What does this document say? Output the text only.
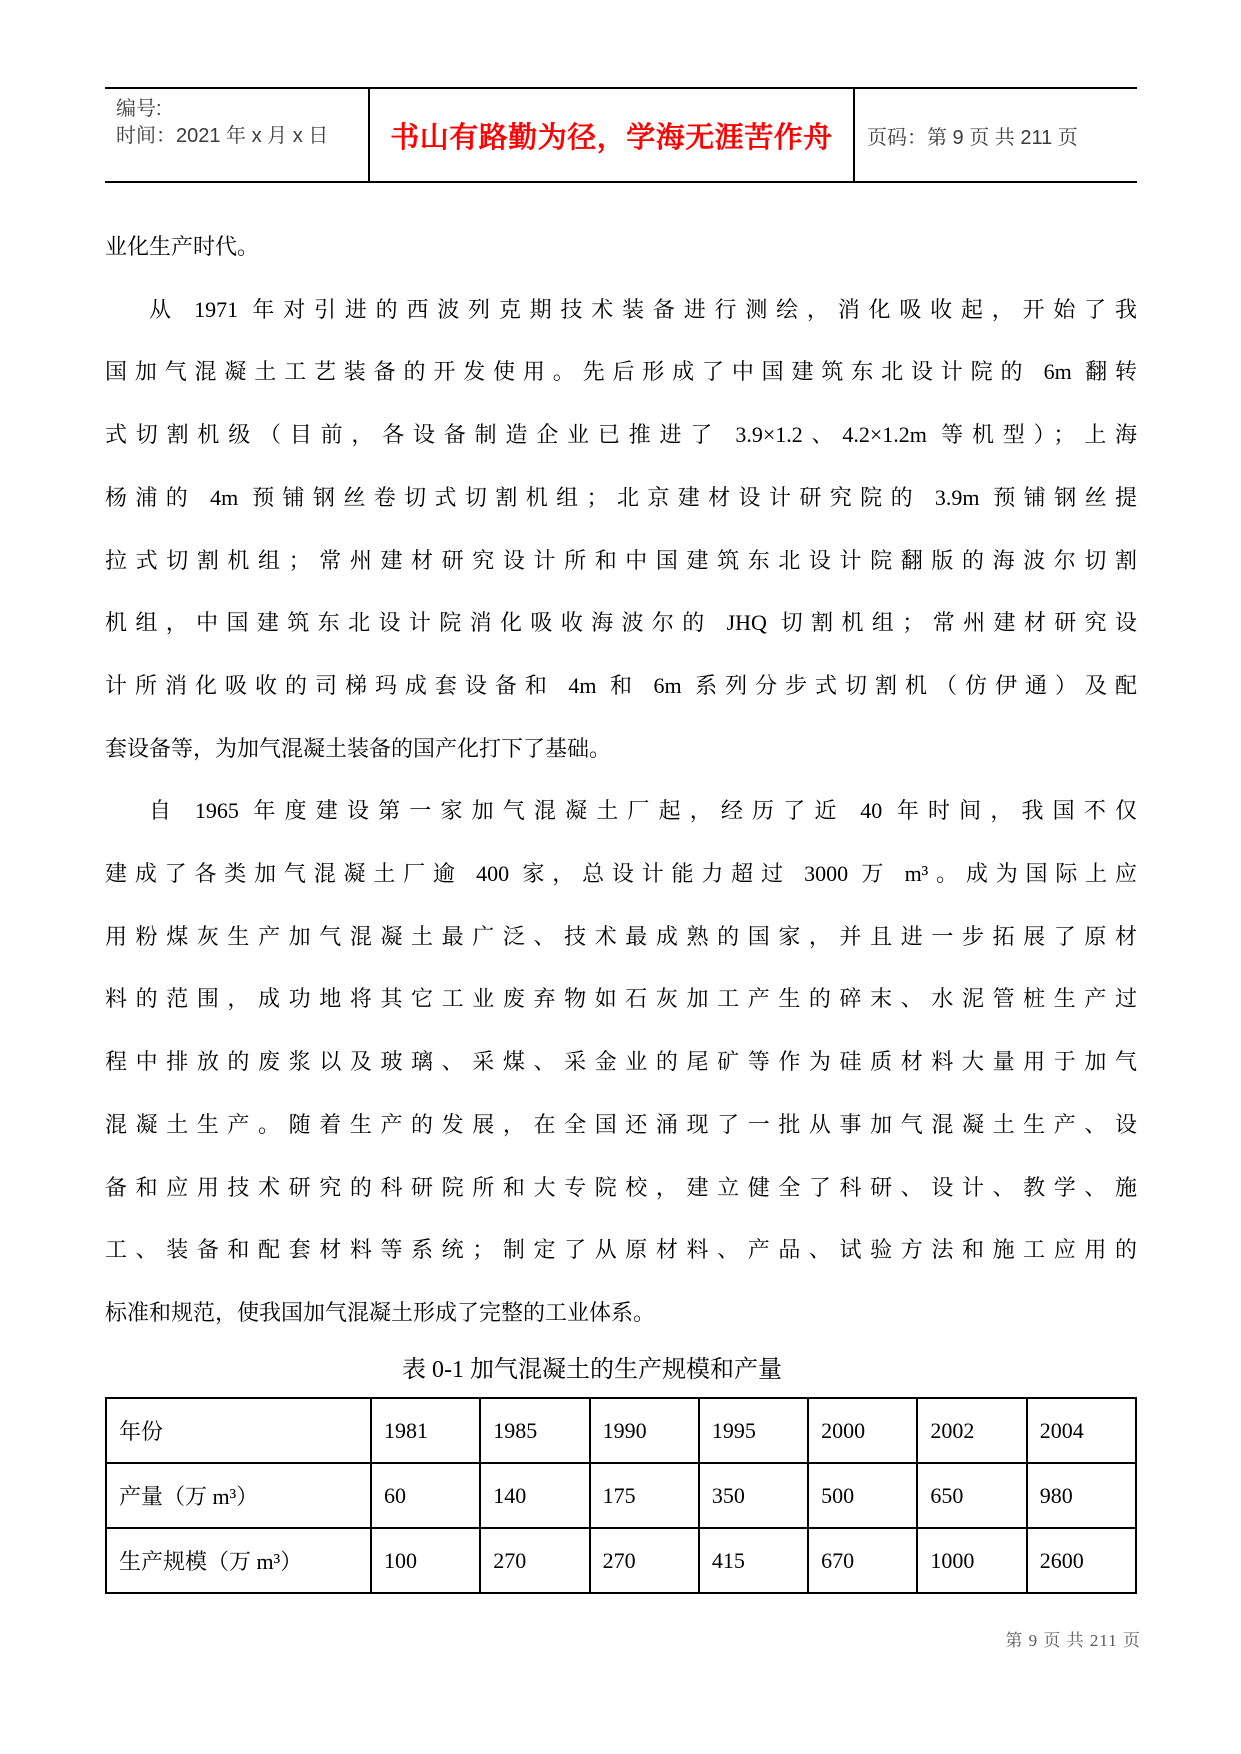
编号:
时间：2021 年 x 月 x 日	书山有路勤为径，学海无涯苦作舟 页码：第 9 页 共 211 页
业化生产时代。
从 1971 年对引进的西波列克期技术装备进行测绘，消化吸收起，开始了我
国加气混凝土工艺装备的开发使用。先后形成了中国建筑东北设计院的 6m 翻转
式切割机级（目前，各设备制造企业已推进了 3.9×1.2、4.2×1.2m 等机型）；上海
杨浦的 4m 预铺钢丝卷切式切割机组；北京建材设计研究院的 3.9m 预铺钢丝提
拉式切割机组；常州建材研究设计所和中国建筑东北设计院翻版的海波尔切割
机组，中国建筑东北设计院消化吸收海波尔的 JHQ 切割机组；常州建材研究设
计所消化吸收的司梯玛成套设备和 4m 和 6m 系列分步式切割机（仿伊通）及配
套设备等，为加气混凝土装备的国产化打下了基础。
自 1965 年度建设第一家加气混凝土厂起，经历了近 40 年时间，我国不仅
建成了各类加气混凝土厂逾 400 家，总设计能力超过 3000 万 m³。成为国际上应
用粉煤灰生产加气混凝土最广泛、技术最成熟的国家，并且进一步拓展了原材
料的范围，成功地将其它工业废弃物如石灰加工产生的碎末、水泥管桩生产过
程中排放的废浆以及玻璃、采煤、采金业的尾矿等作为硅质材料大量用于加气
混凝土生产。随着生产的发展，在全国还涌现了一批从事加气混凝土生产、设
备和应用技术研究的科研院所和大专院校，建立健全了科研、设计、教学、施
工、装备和配套材料等系统；制定了从原材料、产品、试验方法和施工应用的
标准和规范，使我国加气混凝土形成了完整的工业体系。
表 0-1 加气混凝土的生产规模和产量
年份	1981	1985	1990	1995	2000	2002	2004
产量（万 m³）	60	140	175	350	500	650	980
生产规模（万 m³）	100	270	270	415	670	1000	2600
第 9 页 共 211 页
